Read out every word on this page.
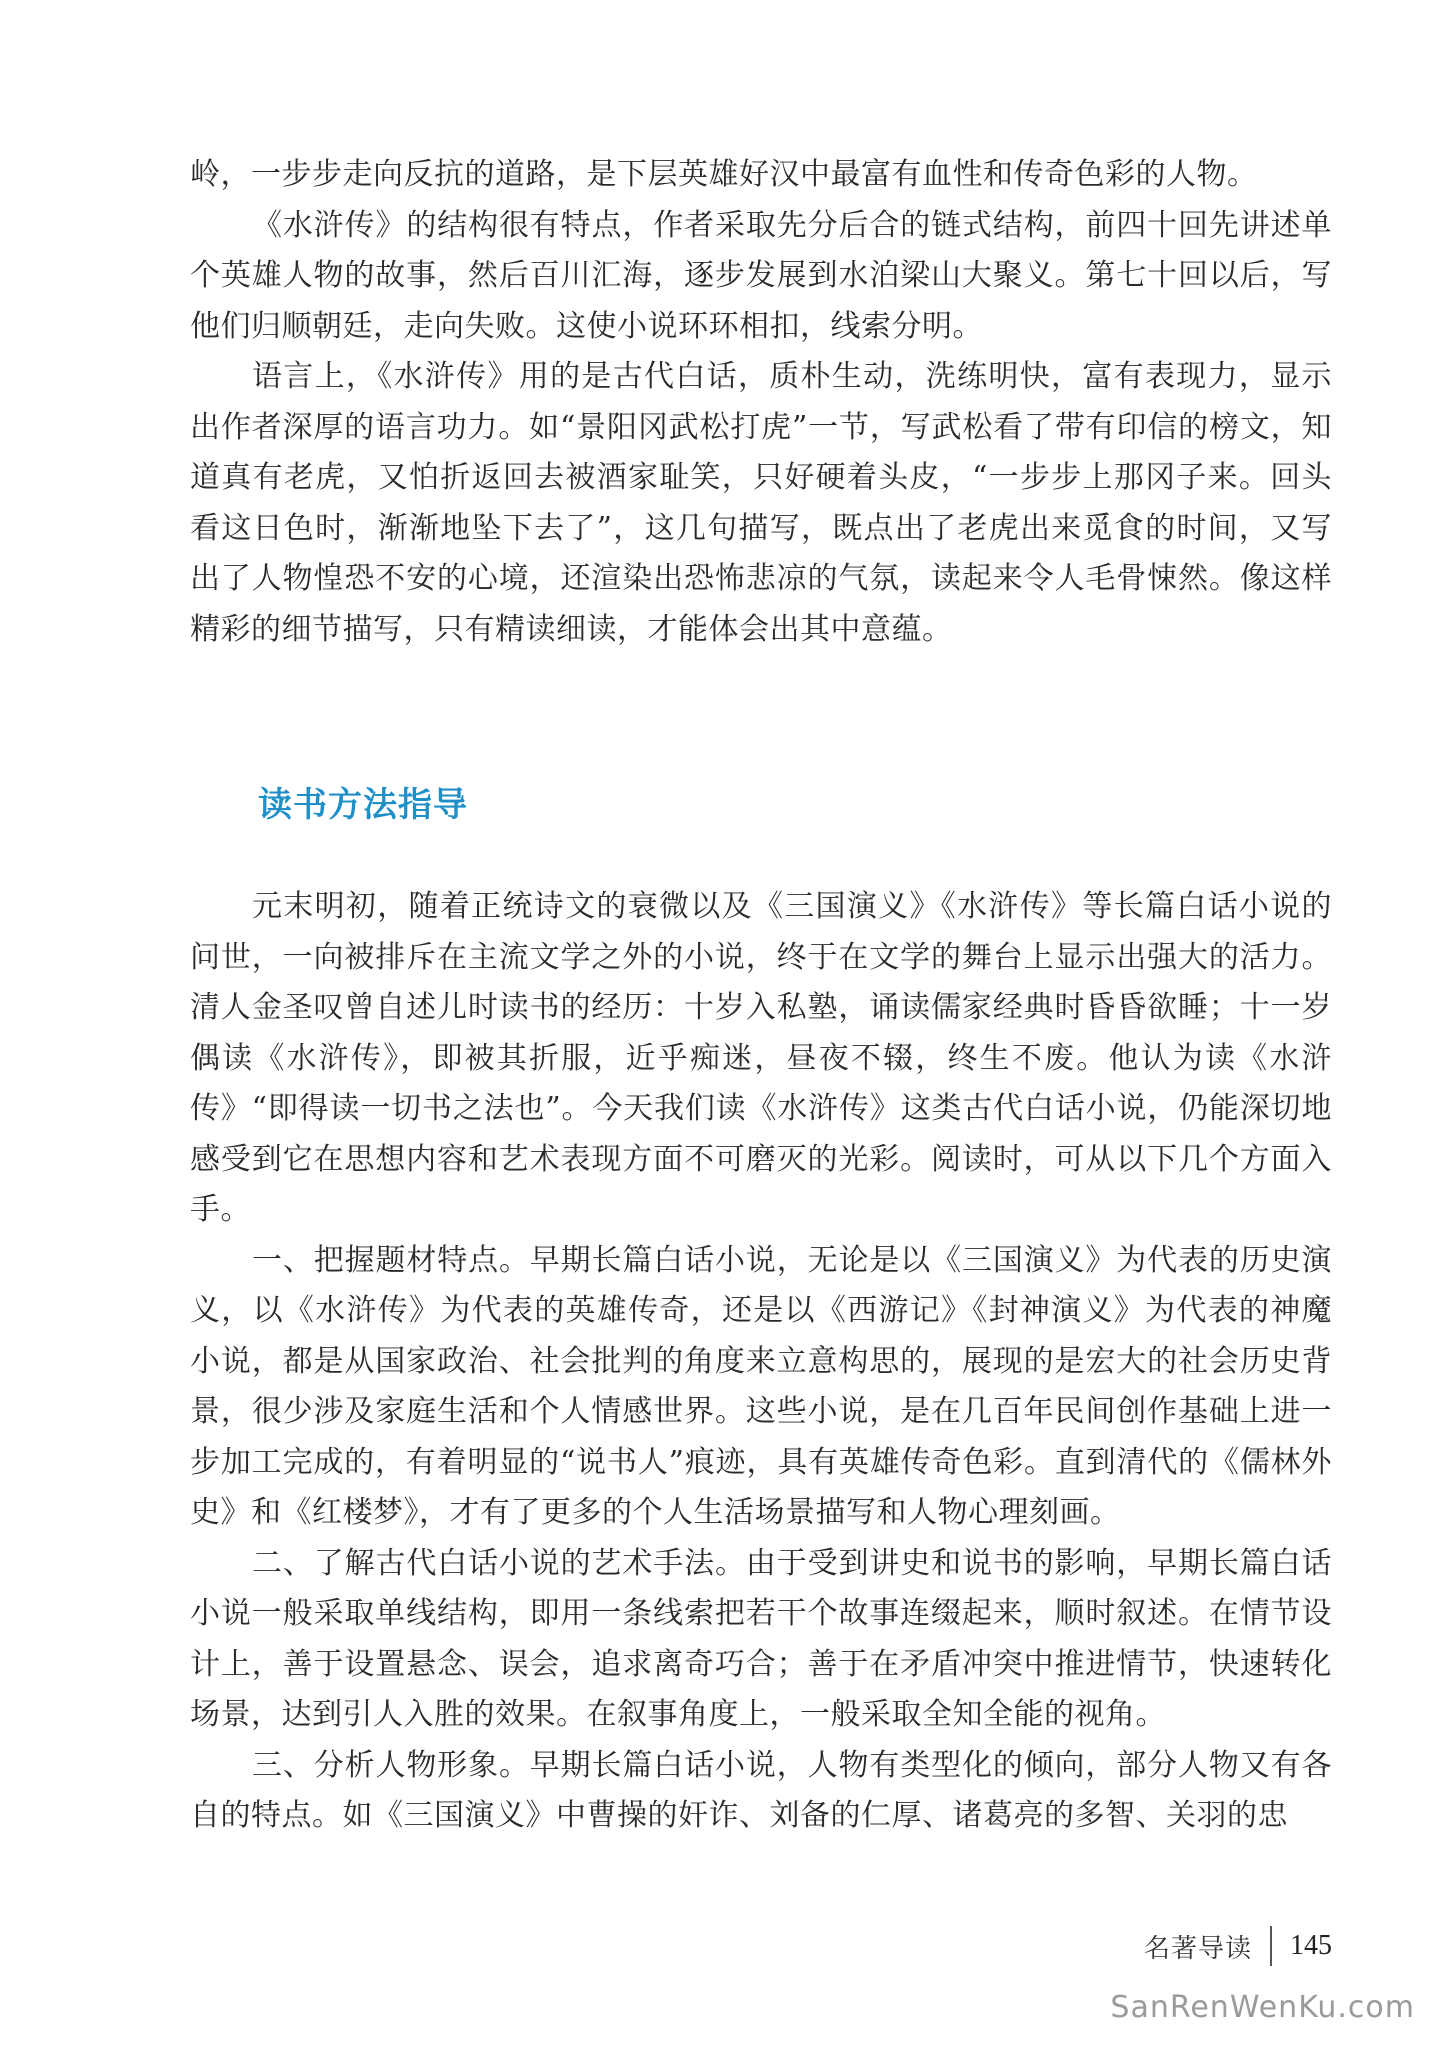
岭，一步步走向反抗的道路，是下层英雄好汉中最富有血性和传奇色彩的人物。

《水浒传》的结构很有特点，作者采取先分后合的链式结构，前四十回先讲述单个英雄人物的故事，然后百川汇海，逐步发展到水泊梁山大聚义。第七十回以后，写他们归顺朝廷，走向失败。这使小说环环相扣，线索分明。

语言上，《水浒传》用的是古代白话，质朴生动，洗练明快，富有表现力，显示出作者深厚的语言功力。如“景阳冈武松打虎”一节，写武松看了带有印信的榜文，知道真有老虎，又怕折返回去被酒家耻笑，只好硬着头皮，“一步步上那冈子来。回头看这日色时，渐渐地坠下去了”，这几句描写，既点出了老虎出来觅食的时间，又写出了人物惶恐不安的心境，还渲染出恐怖悲凉的气氛，读起来令人毛骨悚然。像这样精彩的细节描写，只有精读细读，才能体会出其中意蕴。

读书方法指导

元末明初，随着正统诗文的衰微以及《三国演义》《水浒传》等长篇白话小说的问世，一向被排斥在主流文学之外的小说，终于在文学的舞台上显示出强大的活力。清人金圣叹曾自述儿时读书的经历：十岁入私塾，诵读儒家经典时昏昏欲睡；十一岁偶读《水浒传》，即被其折服，近乎痴迷，昼夜不辍，终生不废。他认为读《水浒传》“即得读一切书之法也”。今天我们读《水浒传》这类古代白话小说，仍能深切地感受到它在思想内容和艺术表现方面不可磨灭的光彩。阅读时，可从以下几个方面入手。

一、把握题材特点。早期长篇白话小说，无论是以《三国演义》为代表的历史演义，以《水浒传》为代表的英雄传奇，还是以《西游记》《封神演义》为代表的神魔小说，都是从国家政治、社会批判的角度来立意构思的，展现的是宏大的社会历史背景，很少涉及家庭生活和个人情感世界。这些小说，是在几百年民间创作基础上进一步加工完成的，有着明显的“说书人”痕迹，具有英雄传奇色彩。直到清代的《儒林外史》和《红楼梦》，才有了更多的个人生活场景描写和人物心理刻画。

二、了解古代白话小说的艺术手法。由于受到讲史和说书的影响，早期长篇白话小说一般采取单线结构，即用一条线索把若干个故事连缀起来，顺时叙述。在情节设计上，善于设置悬念、误会，追求离奇巧合；善于在矛盾冲突中推进情节，快速转化场景，达到引人入胜的效果。在叙事角度上，一般采取全知全能的视角。

三、分析人物形象。早期长篇白话小说，人物有类型化的倾向，部分人物又有各自的特点。如《三国演义》中曹操的奸诈、刘备的仁厚、诸葛亮的多智、关羽的忠

名著导读 145
SanRenWenKu.com
